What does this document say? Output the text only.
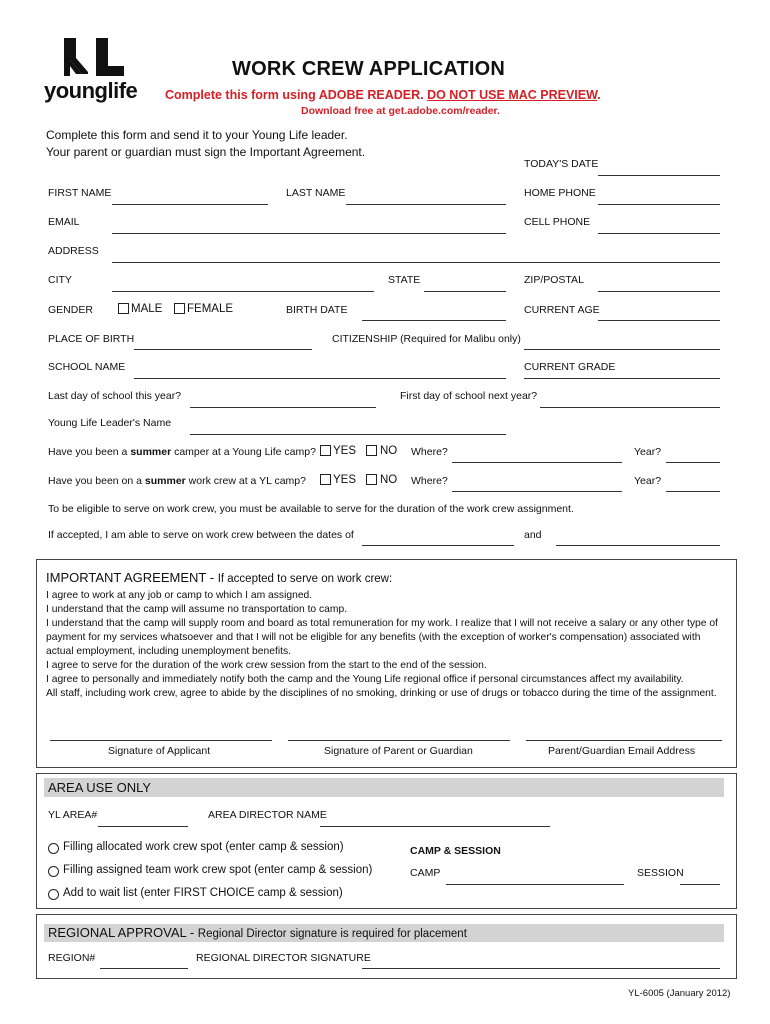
younglife
WORK CREW APPLICATION
Complete this form using ADOBE READER. DO NOT USE MAC PREVIEW.
Download free at get.adobe.com/reader.
Complete this form and send it to your Young Life leader.
Your parent or guardian must sign the Important Agreement.
TODAY'S DATE
FIRST NAME	LAST NAME	HOME PHONE
EMAIL	CELL PHONE
ADDRESS
CITY	STATE	ZIP/POSTAL
GENDER	MALE FEMALE	BIRTH DATE	CURRENT AGE
PLACE OF BIRTH	CITIZENSHIP (Required for Malibu only)
SCHOOL NAME	CURRENT GRADE
Last day of school this year?	First day of school next year?
Young Life Leader's Name
Have you been a summer camper at a Young Life camp? YES NO Where?	Year?
Have you been on a summer work crew at a YL camp? YES NO Where?	Year?
To be eligible to serve on work crew, you must be available to serve for the duration of the work crew assignment.
If accepted, I am able to serve on work crew between the dates of	and
IMPORTANT AGREEMENT - If accepted to serve on work crew:

I agree to work at any job or camp to which I am assigned.

I understand that the camp will assume no transportation to camp.

I understand that the camp will supply room and board as total remuneration for my work. I realize that I will not receive a salary or any other type of payment for my services whatsoever and that I will not be eligible for any benefits (with the exception of worker's compensation) associated with actual employment, including unemployment benefits.

I agree to serve for the duration of the work crew session from the start to the end of the session.

I agree to personally and immediately notify both the camp and the Young Life regional office if personal circumstances affect my availability.

All staff, including work crew, agree to abide by the disciplines of no smoking, drinking or use of drugs or tobacco during the time of the assignment.

Signature of Applicant	Signature of Parent or Guardian	Parent/Guardian Email Address
AREA USE ONLY
YL AREA#	AREA DIRECTOR NAME
Filling allocated work crew spot (enter camp & session)
Filling assigned team work crew spot (enter camp & session)
Add to wait list (enter FIRST CHOICE camp & session)
CAMP & SESSION
CAMP	SESSION
REGIONAL APPROVAL - Regional Director signature is required for placement
REGION#	REGIONAL DIRECTOR SIGNATURE
YL-6005 (January 2012)
